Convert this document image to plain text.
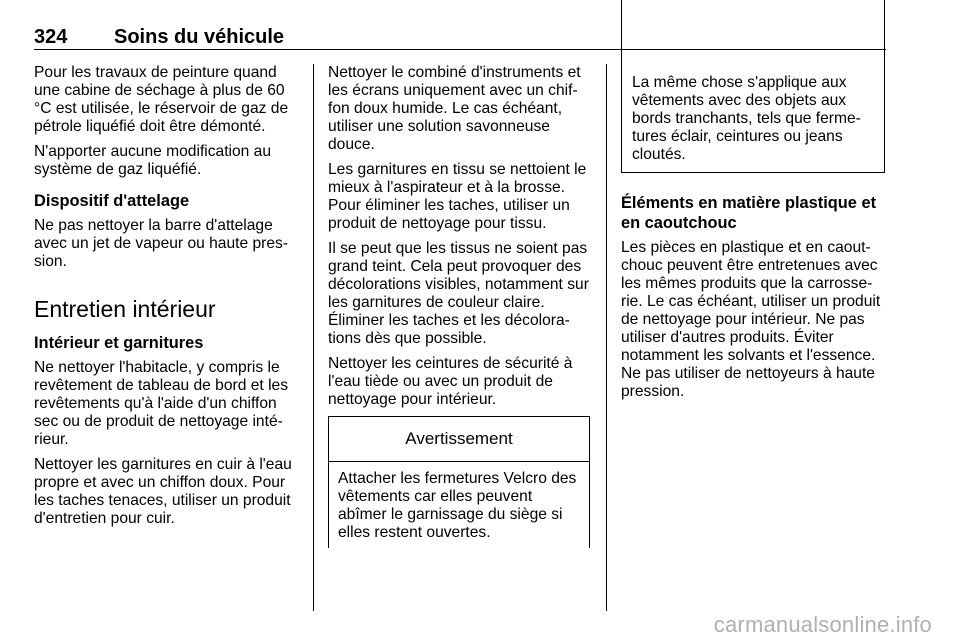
324 Soins du véhicule

Pour les travaux de peinture quand une cabine de séchage à plus de 60 °C est utilisée, le réservoir de gaz de pétrole liquéfié doit être démonté.

N'apporter aucune modification au système de gaz liquéfié.

Dispositif d'attelage

Ne pas nettoyer la barre d'attelage avec un jet de vapeur ou haute pression.

Entretien intérieur
Intérieur et garnitures

Ne nettoyer l'habitacle, y compris le revêtement de tableau de bord et les revêtements qu'à l'aide d'un chiffon sec ou de produit de nettoyage intérieur.

Nettoyer les garnitures en cuir à l'eau propre et avec un chiffon doux. Pour les taches tenaces, utiliser un produit d'entretien pour cuir.

Nettoyer le combiné d'instruments et les écrans uniquement avec un chiffon doux humide. Le cas échéant, utiliser une solution savonneuse douce.

Les garnitures en tissu se nettoient le mieux à l'aspirateur et à la brosse. Pour éliminer les taches, utiliser un produit de nettoyage pour tissu.

Il se peut que les tissus ne soient pas grand teint. Cela peut provoquer des décolorations visibles, notamment sur les garnitures de couleur claire. Éliminer les taches et les décolorations dès que possible.

Nettoyer les ceintures de sécurité à l'eau tiède ou avec un produit de nettoyage pour intérieur.

Avertissement
Attacher les fermetures Velcro des vêtements car elles peuvent abîmer le garnissage du siège si elles restent ouvertes.

La même chose s'applique aux vêtements avec des objets aux bords tranchants, tels que fermetures éclair, ceintures ou jeans cloutés.

Éléments en matière plastique et en caoutchouc

Les pièces en plastique et en caoutchouc peuvent être entretenues avec les mêmes produits que la carrosserie. Le cas échéant, utiliser un produit de nettoyage pour intérieur. Ne pas utiliser d'autres produits. Éviter notamment les solvants et l'essence. Ne pas utiliser de nettoyeurs à haute pression.

carmanualsonline.info
